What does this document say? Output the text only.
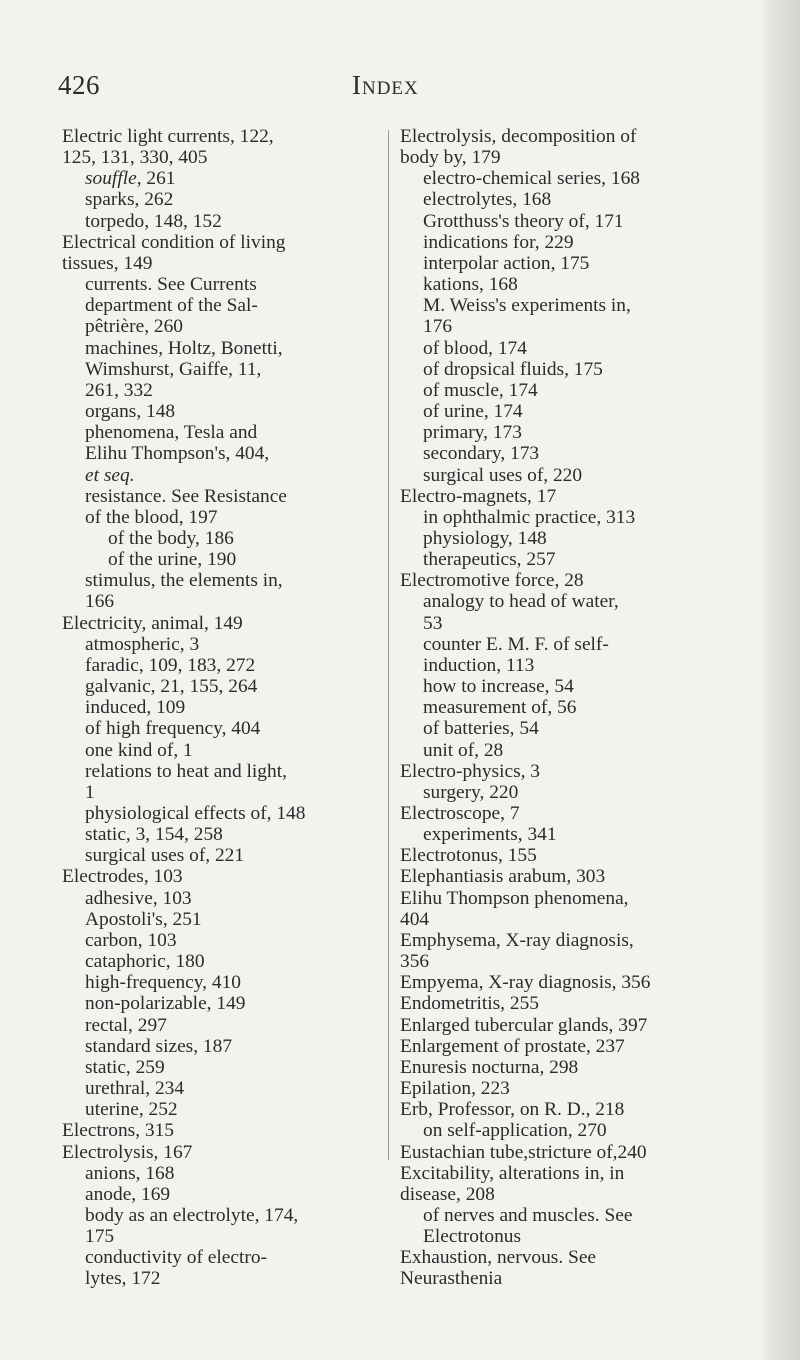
426	Index
Electric light currents, 122,
125, 131, 330, 405
souffle, 261
sparks, 262
torpedo, 148, 152
Electrical condition of living
tissues, 149
currents. See Currents
department of the Sal-
pêtrière, 260
machines, Holtz, Bonetti,
Wimshurst, Gaiffe, 11,
261, 332
organs, 148
phenomena, Tesla and
Elihu Thompson's, 404,
et seq.
resistance. See Resistance
of the blood, 197
of the body, 186
of the urine, 190
stimulus, the elements in,
166
Electricity, animal, 149
atmospheric, 3
faradic, 109, 183, 272
galvanic, 21, 155, 264
induced, 109
of high frequency, 404
one kind of, 1
relations to heat and light,
1
physiological effects of, 148
static, 3, 154, 258
surgical uses of, 221
Electrodes, 103
adhesive, 103
Apostoli's, 251
carbon, 103
cataphoric, 180
high-frequency, 410
non-polarizable, 149
rectal, 297
standard sizes, 187
static, 259
urethral, 234
uterine, 252
Electrons, 315
Electrolysis, 167
anions, 168
anode, 169
body as an electrolyte, 174,
175
conductivity of electro-
lytes, 172
Electrolysis, decomposition of
body by, 179
electro-chemical series, 168
electrolytes, 168
Grotthuss's theory of, 171
indications for, 229
interpolar action, 175
kations, 168
M. Weiss's experiments in,
176
of blood, 174
of dropsical fluids, 175
of muscle, 174
of urine, 174
primary, 173
secondary, 173
surgical uses of, 220
Electro-magnets, 17
in ophthalmic practice, 313
physiology, 148
therapeutics, 257
Electromotive force, 28
analogy to head of water,
53
counter E. M. F. of self-
induction, 113
how to increase, 54
measurement of, 56
of batteries, 54
unit of, 28
Electro-physics, 3
surgery, 220
Electroscope, 7
experiments, 341
Electrotonus, 155
Elephantiasis arabum, 303
Elihu Thompson phenomena,
404
Emphysema, X-ray diagnosis,
356
Empyema, X-ray diagnosis, 356
Endometritis, 255
Enlarged tubercular glands, 397
Enlargement of prostate, 237
Enuresis nocturna, 298
Epilation, 223
Erb, Professor, on R. D., 218
on self-application, 270
Eustachian tube,stricture of,240
Excitability, alterations in, in
disease, 208
of nerves and muscles. See
Electrotonus
Exhaustion, nervous. See
Neurasthenia
